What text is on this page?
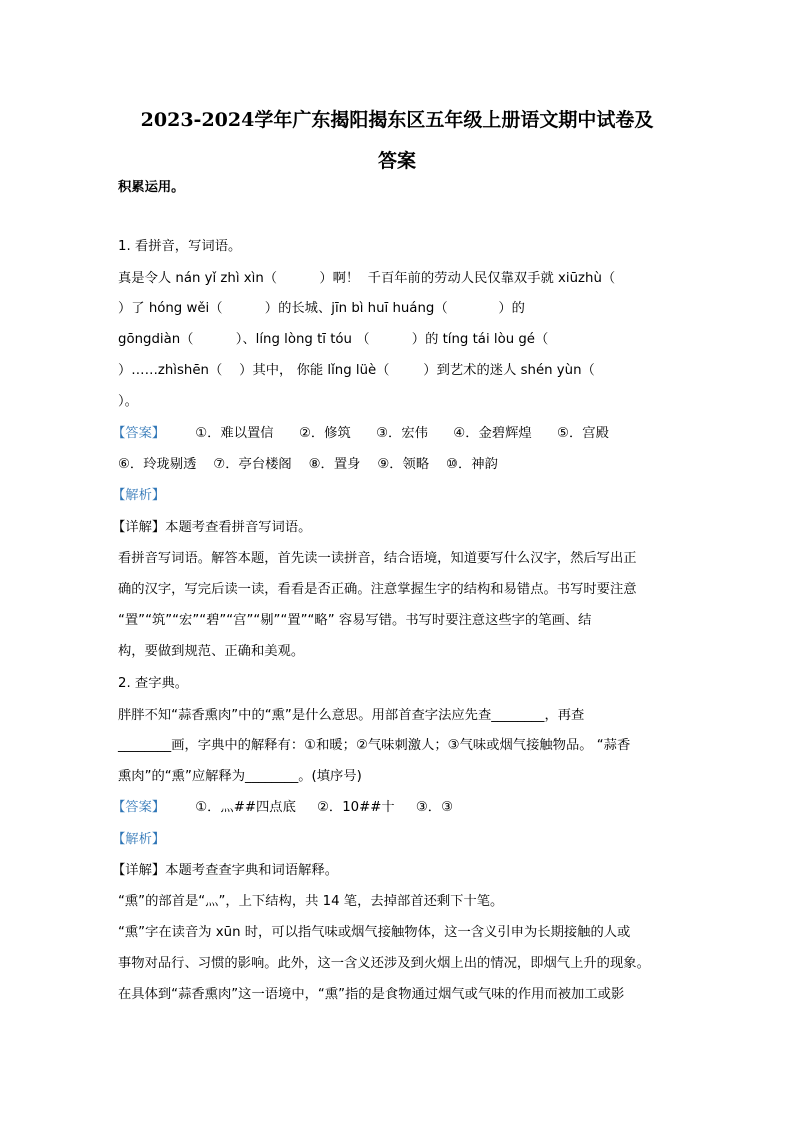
2023-2024学年广东揭阳揭东区五年级上册语文期中试卷及
答案
积累运用。
1. 看拼音，写词语。
真是令人 nán yǐ zhì xìn（          ）啊！  千百年前的劳动人民仅靠双手就 xiūzhù（
）了 hóng wěi（          ）的长城、jīn bì huī huáng（            ）的
gōngdiàn（          ）、líng lòng tī tóu （          ）的 tíng tái lòu gé（
）……zhìshēn（    ）其中， 你能 lǐng lüè（        ）到艺术的迷人 shén yùn（
）。
【答案】 ①．难以置信      ②．修筑      ③．宏伟      ④．金碧辉煌      ⑤．宫殿
⑥．玲珑剔透    ⑦．亭台楼阁    ⑧．置身    ⑨．领略    ⑩．神韵
【解析】
【详解】本题考查看拼音写词语。
看拼音写词语。解答本题，首先读一读拼音，结合语境，知道要写什么汉字，然后写出正
确的汉字，写完后读一读，看看是否正确。注意掌握生字的结构和易错点。书写时要注意
“置”“筑”“宏”“碧”“宫”“剔”“置”“略” 容易写错。书写时要注意这些字的笔画、结
构，要做到规范、正确和美观。
2. 查字典。
胖胖不知“蒜香熏肉”中的“熏”是什么意思。用部首查字法应先查________，再查
________画，字典中的解释有：①和暖；②气味刺激人；③气味或烟气接触物品。 “蒜香
熏肉”的“熏”应解释为________。(填序号)
【答案】 ①．灬##四点底     ②．10##十     ③．③
【解析】
【详解】本题考查查字典和词语解释。
“熏”的部首是“灬”，上下结构，共 14 笔，去掉部首还剩下十笔。
“熏”字在读音为 xūn 时，可以指气味或烟气接触物体，这一含义引申为长期接触的人或
事物对品行、习惯的影响。此外，这一含义还涉及到火烟上出的情况，即烟气上升的现象。
在具体到“蒜香熏肉”这一语境中，“熏”指的是食物通过烟气或气味的作用而被加工或影
